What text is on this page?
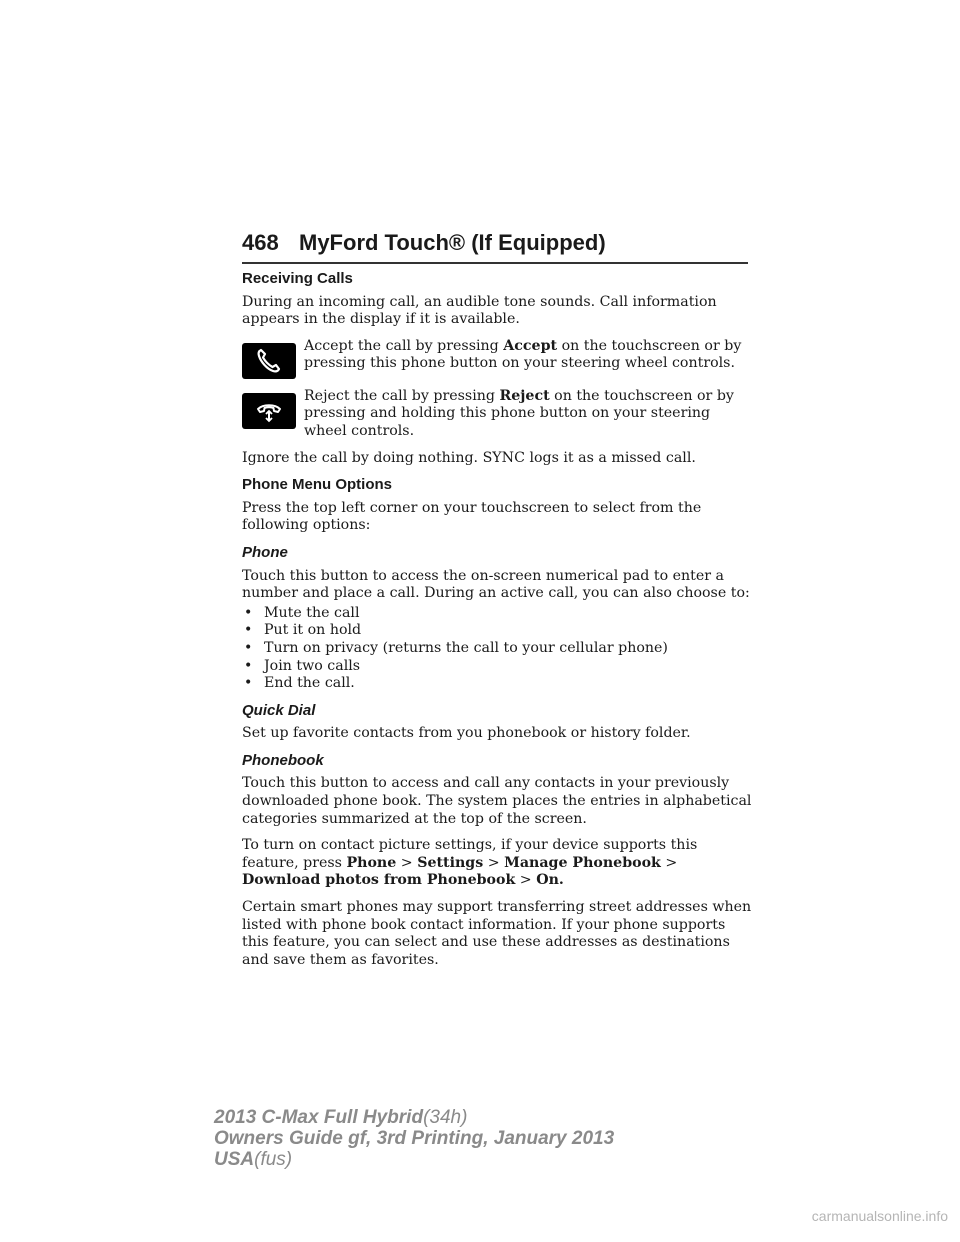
468 MyFord Touch® (If Equipped)
Receiving Calls

During an incoming call, an audible tone sounds. Call information appears in the display if it is available.

Accept the call by pressing Accept on the touchscreen or by pressing this phone button on your steering wheel controls.
Reject the call by pressing Reject on the touchscreen or by pressing and holding this phone button on your steering wheel controls.

Ignore the call by doing nothing. SYNC logs it as a missed call.

Phone Menu Options

Press the top left corner on your touchscreen to select from the following options:

Phone

Touch this button to access the on-screen numerical pad to enter a number and place a call. During an active call, you can also choose to:

• Mute the call
• Put it on hold
• Turn on privacy (returns the call to your cellular phone)
• Join two calls
• End the call.
Quick Dial

Set up favorite contacts from you phonebook or history folder.

Phonebook

Touch this button to access and call any contacts in your previously downloaded phone book. The system places the entries in alphabetical categories summarized at the top of the screen.

To turn on contact picture settings, if your device supports this feature, press Phone > Settings > Manage Phonebook > Download photos from Phonebook > On.

Certain smart phones may support transferring street addresses when listed with phone book contact information. If your phone supports this feature, you can select and use these addresses as destinations and save them as favorites.

2013 C-Max Full Hybrid(34h)
Owners Guide gf, 3rd Printing, January 2013
USA(fus)
carmanualsonline.info
